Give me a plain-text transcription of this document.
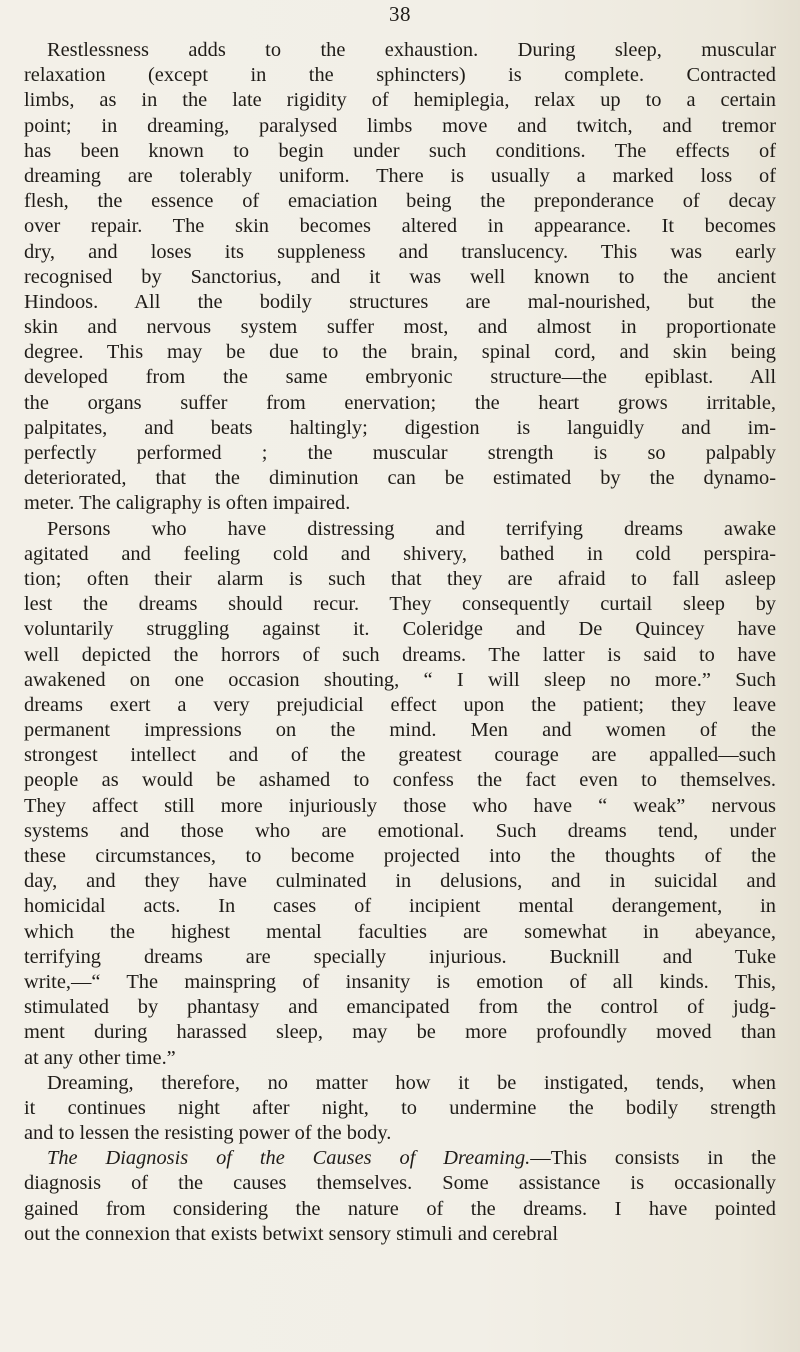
38
Restlessness adds to the exhaustion. During sleep, muscular
relaxation (except in the sphincters) is complete. Contracted
limbs, as in the late rigidity of hemiplegia, relax up to a certain
point; in dreaming, paralysed limbs move and twitch, and tremor
has been known to begin under such conditions. The effects of
dreaming are tolerably uniform. There is usually a marked loss of
flesh, the essence of emaciation being the preponderance of decay
over repair. The skin becomes altered in appearance. It becomes
dry, and loses its suppleness and translucency. This was early
recognised by Sanctorius, and it was well known to the ancient
Hindoos. All the bodily structures are mal-nourished, but the
skin and nervous system suffer most, and almost in proportionate
degree. This may be due to the brain, spinal cord, and skin being
developed from the same embryonic structure—the epiblast. All
the organs suffer from enervation; the heart grows irritable,
palpitates, and beats haltingly; digestion is languidly and im-
perfectly performed ; the muscular strength is so palpably
deteriorated, that the diminution can be estimated by the dynamo-
meter. The caligraphy is often impaired.
Persons who have distressing and terrifying dreams awake
agitated and feeling cold and shivery, bathed in cold perspira-
tion; often their alarm is such that they are afraid to fall asleep
lest the dreams should recur. They consequently curtail sleep by
voluntarily struggling against it. Coleridge and De Quincey have
well depicted the horrors of such dreams. The latter is said to have
awakened on one occasion shouting, “ I will sleep no more.” Such
dreams exert a very prejudicial effect upon the patient; they leave
permanent impressions on the mind. Men and women of the
strongest intellect and of the greatest courage are appalled—such
people as would be ashamed to confess the fact even to themselves.
They affect still more injuriously those who have “ weak” nervous
systems and those who are emotional. Such dreams tend, under
these circumstances, to become projected into the thoughts of the
day, and they have culminated in delusions, and in suicidal and
homicidal acts. In cases of incipient mental derangement, in
which the highest mental faculties are somewhat in abeyance,
terrifying dreams are specially injurious. Bucknill and Tuke
write,—“ The mainspring of insanity is emotion of all kinds. This,
stimulated by phantasy and emancipated from the control of judg-
ment during harassed sleep, may be more profoundly moved than
at any other time.”
Dreaming, therefore, no matter how it be instigated, tends, when
it continues night after night, to undermine the bodily strength
and to lessen the resisting power of the body.
The Diagnosis of the Causes of Dreaming.—This consists in the
diagnosis of the causes themselves. Some assistance is occasionally
gained from considering the nature of the dreams. I have pointed
out the connexion that exists betwixt sensory stimuli and cerebral
